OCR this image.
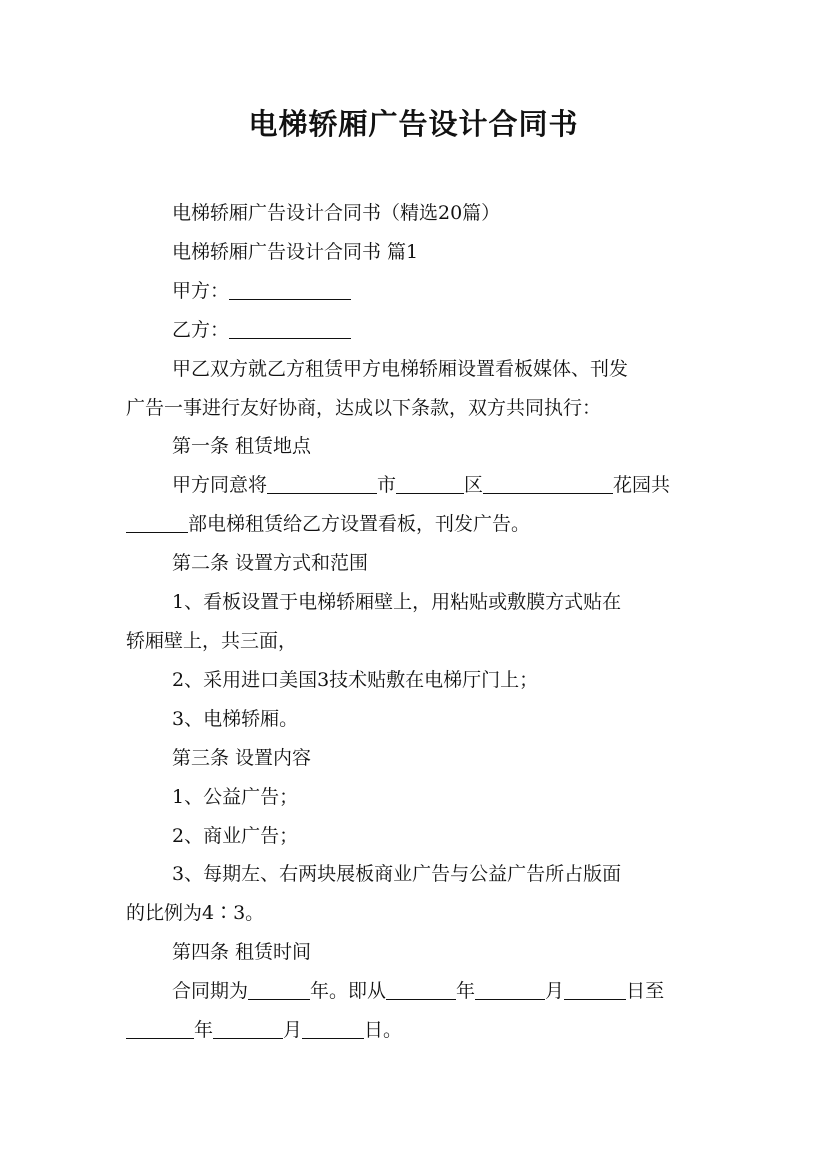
电梯轿厢广告设计合同书

电梯轿厢广告设计合同书（精选20篇）

电梯轿厢广告设计合同书 篇1

甲方：

乙方：

甲乙双方就乙方租赁甲方电梯轿厢设置看板媒体、刊发

广告一事进行友好协商，达成以下条款，双方共同执行：

第一条 租赁地点

甲方同意将	市	区	花园共

部电梯租赁给乙方设置看板，刊发广告。

第二条 设置方式和范围

1、看板设置于电梯轿厢壁上，用粘贴或敷膜方式贴在

轿厢壁上，共三面，

2、采用进口美国3技术贴敷在电梯厅门上；

3、电梯轿厢。

第三条 设置内容

1、公益广告；

2、商业广告；

3、每期左、右两块展板商业广告与公益广告所占版面

的比例为4∶3。

第四条 租赁时间

合同期为	年。即从	年	月	日至

年	月	日。
